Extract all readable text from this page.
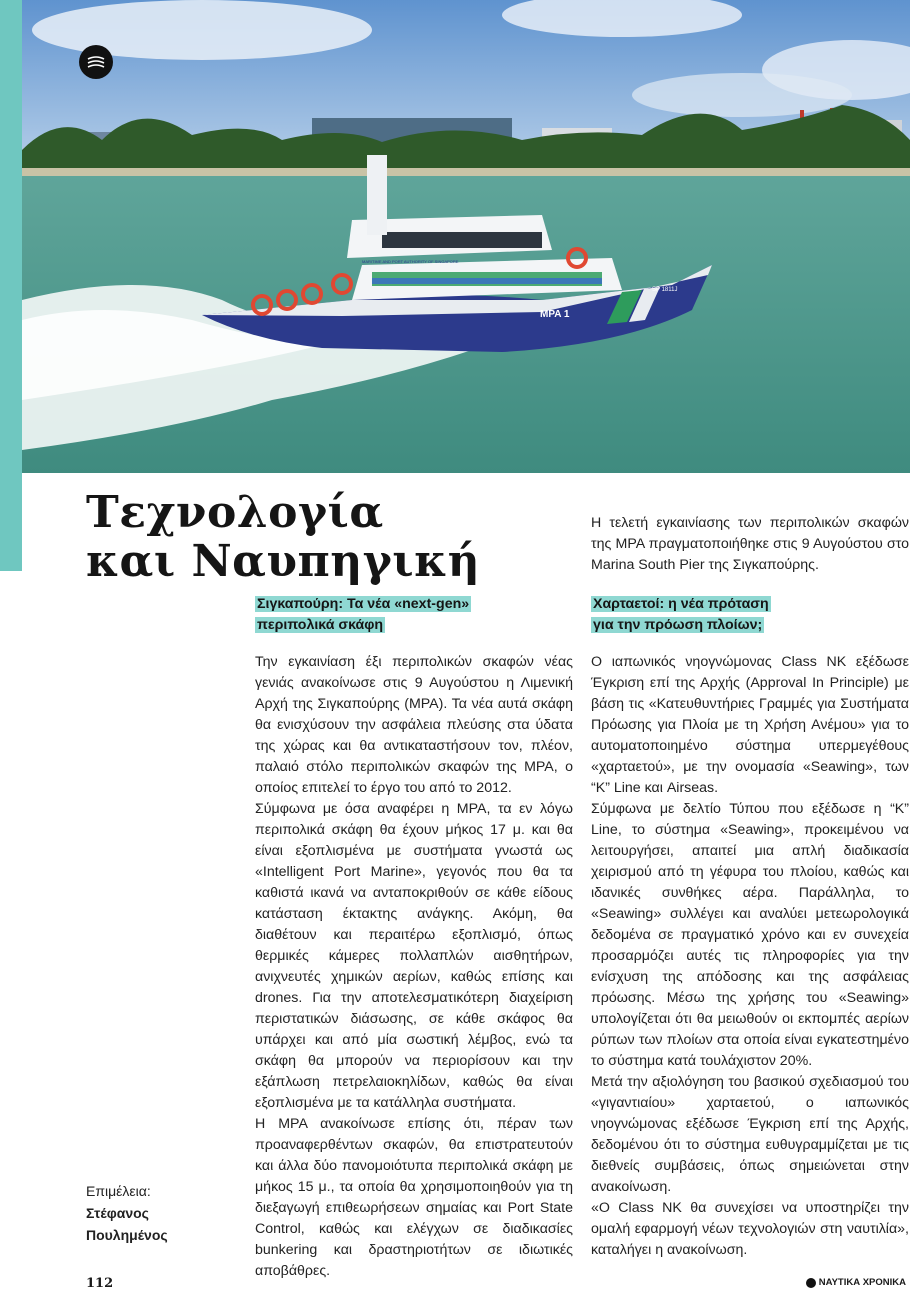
MPA 1
SP 1811J
MARITIME AND PORT AUTHORITY OF SINGAPORE
Τεχνολογία
και Ναυπηγική

Η τελετή εγκαινίασης των περιπολικών σκαφών της MPA πραγματοποιήθηκε στις 9 Αυγούστου στο Marina South Pier της Σιγκαπούρης.

Σιγκαπούρη: Τα νέα «next-gen»
περιπολικά σκάφη
Χαρταετοί: η νέα πρόταση
για την πρόωση πλοίων;

Την εγκαινίαση έξι περιπολικών σκαφών νέας γενιάς ανακοίνωσε στις 9 Αυγούστου η Λιμενική Αρχή της Σιγκαπούρης (MPA). Τα νέα αυτά σκάφη θα ενισχύσουν την ασφάλεια πλεύσης στα ύδατα της χώρας και θα αντικαταστήσουν τον, πλέον, παλαιό στόλο περιπολικών σκαφών της MPA, ο οποίος επιτελεί το έργο του από το 2012.

Σύμφωνα με όσα αναφέρει η MPA, τα εν λόγω περιπολικά σκάφη θα έχουν μήκος 17 μ. και θα είναι εξοπλισμένα με συστήματα γνωστά ως «Intelligent Port Marine», γεγονός που θα τα καθιστά ικανά να ανταποκριθούν σε κάθε είδους κατάσταση έκτακτης ανάγκης. Ακόμη, θα διαθέτουν και περαιτέρω εξοπλισμό, όπως θερμικές κάμερες πολλαπλών αισθητήρων, ανιχνευτές χημικών αερίων, καθώς επίσης και drones. Για την αποτελεσματικότερη διαχείριση περιστατικών διάσωσης, σε κάθε σκάφος θα υπάρχει και από μία σωστική λέμβος, ενώ τα σκάφη θα μπορούν να περιορίσουν και την εξάπλωση πετρελαιοκηλίδων, καθώς θα είναι εξοπλισμένα με τα κατάλληλα συστήματα.

Η MPA ανακοίνωσε επίσης ότι, πέραν των προαναφερθέντων σκαφών, θα επιστρατευτούν και άλλα δύο πανομοιότυπα περιπολικά σκάφη με μήκος 15 μ., τα οποία θα χρησιμοποιηθούν για τη διεξαγωγή επιθεωρήσεων σημαίας και Port State Control, καθώς και ελέγχων σε διαδικασίες bunkering και δραστηριοτήτων σε ιδιωτικές αποβάθρες.

Ο ιαπωνικός νηογνώμονας Class NK εξέδωσε Έγκριση επί της Αρχής (Approval In Principle) με βάση τις «Κατευθυντήριες Γραμμές για Συστήματα Πρόωσης για Πλοία με τη Χρήση Ανέμου» για το αυτοματοποιημένο σύστημα υπερμεγέθους «χαρταετού», με την ονομασία «Seawing», των “K” Line και Airseas.

Σύμφωνα με δελτίο Τύπου που εξέδωσε η “K” Line, το σύστημα «Seawing», προκειμένου να λειτουργήσει, απαιτεί μια απλή διαδικασία χειρισμού από τη γέφυρα του πλοίου, καθώς και ιδανικές συνθήκες αέρα. Παράλληλα, το «Seawing» συλλέγει και αναλύει μετεωρολογικά δεδομένα σε πραγματικό χρόνο και εν συνεχεία προσαρμόζει αυτές τις πληροφορίες για την ενίσχυση της απόδοσης και της ασφάλειας πρόωσης. Μέσω της χρήσης του «Seawing» υπολογίζεται ότι θα μειωθούν οι εκπομπές αερίων ρύπων των πλοίων στα οποία είναι εγκατεστημένο το σύστημα κατά τουλάχιστον 20%.

Μετά την αξιολόγηση του βασικού σχεδιασμού του «γιγαντιαίου» χαρταετού, ο ιαπωνικός νηογνώμονας εξέδωσε Έγκριση επί της Αρχής, δεδομένου ότι το σύστημα ευθυγραμμίζεται με τις διεθνείς συμβάσεις, όπως σημειώνεται στην ανακοίνωση.

«Ο Class NK θα συνεχίσει να υποστηρίζει την ομαλή εφαρμογή νέων τεχνολογιών στη ναυτιλία», καταλήγει η ανακοίνωση.

Επιμέλεια:
Στέφανος
Πουλημένος
112	ΝΑΥΤΙΚΑ ΧΡΟΝΙΚΑ
